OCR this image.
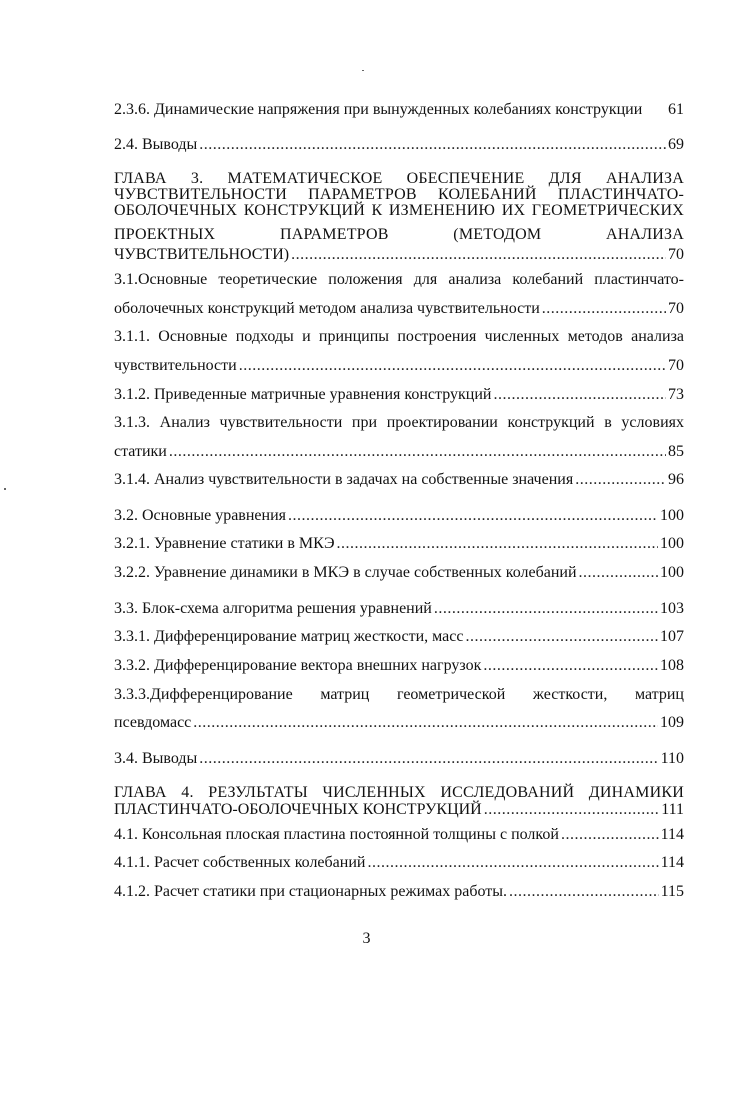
2.3.6. Динамические напряжения при вынужденных колебаниях конструкции 61
2.4. Выводы .....	69
ГЛАВА 3. МАТЕМАТИЧЕСКОЕ ОБЕСПЕЧЕНИЕ ДЛЯ АНАЛИЗА
ЧУВСТВИТЕЛЬНОСТИ ПАРАМЕТРОВ КОЛЕБАНИЙ ПЛАСТИНЧАТО-
ОБОЛОЧЕЧНЫХ КОНСТРУКЦИЙ К ИЗМЕНЕНИЮ ИХ ГЕОМЕТРИЧЕСКИХ
ПРОЕКТНЫХ ПАРАМЕТРОВ (МЕТОДОМ АНАЛИЗА
ЧУВСТВИТЕЛЬНОСТИ) .....	70
3.1.Основные теоретические положения для анализа колебаний пластинчато-
оболочечных конструкций методом анализа чувствительности .....	70
3.1.1. Основные подходы и принципы построения численных методов анализа
чувствительности .....	70
3.1.2. Приведенные матричные уравнения конструкций .....	73
3.1.3. Анализ чувствительности при проектировании конструкций в условиях
статики .....	85
3.1.4. Анализ чувствительности в задачах на собственные значения .....	96
3.2. Основные уравнения .....	100
3.2.1. Уравнение статики в МКЭ .....	100
3.2.2. Уравнение динамики в МКЭ в случае собственных колебаний .....	100
3.3. Блок-схема алгоритма решения уравнений .....	103
3.3.1. Дифференцирование матриц жесткости, масс .....	107
3.3.2. Дифференцирование вектора внешних нагрузок .....	108
3.3.3.Дифференцирование матриц геометрической жесткости, матриц
псевдомасс .....	109
3.4. Выводы .....	110
ГЛАВА 4. РЕЗУЛЬТАТЫ ЧИСЛЕННЫХ ИССЛЕДОВАНИЙ ДИНАМИКИ
ПЛАСТИНЧАТО-ОБОЛОЧЕЧНЫХ КОНСТРУКЦИЙ .....	111
4.1. Консольная плоская пластина постоянной толщины с полкой .....	114
4.1.1. Расчет собственных колебаний .....	114
4.1.2. Расчет статики при стационарных режимах работы. .....	115
3
